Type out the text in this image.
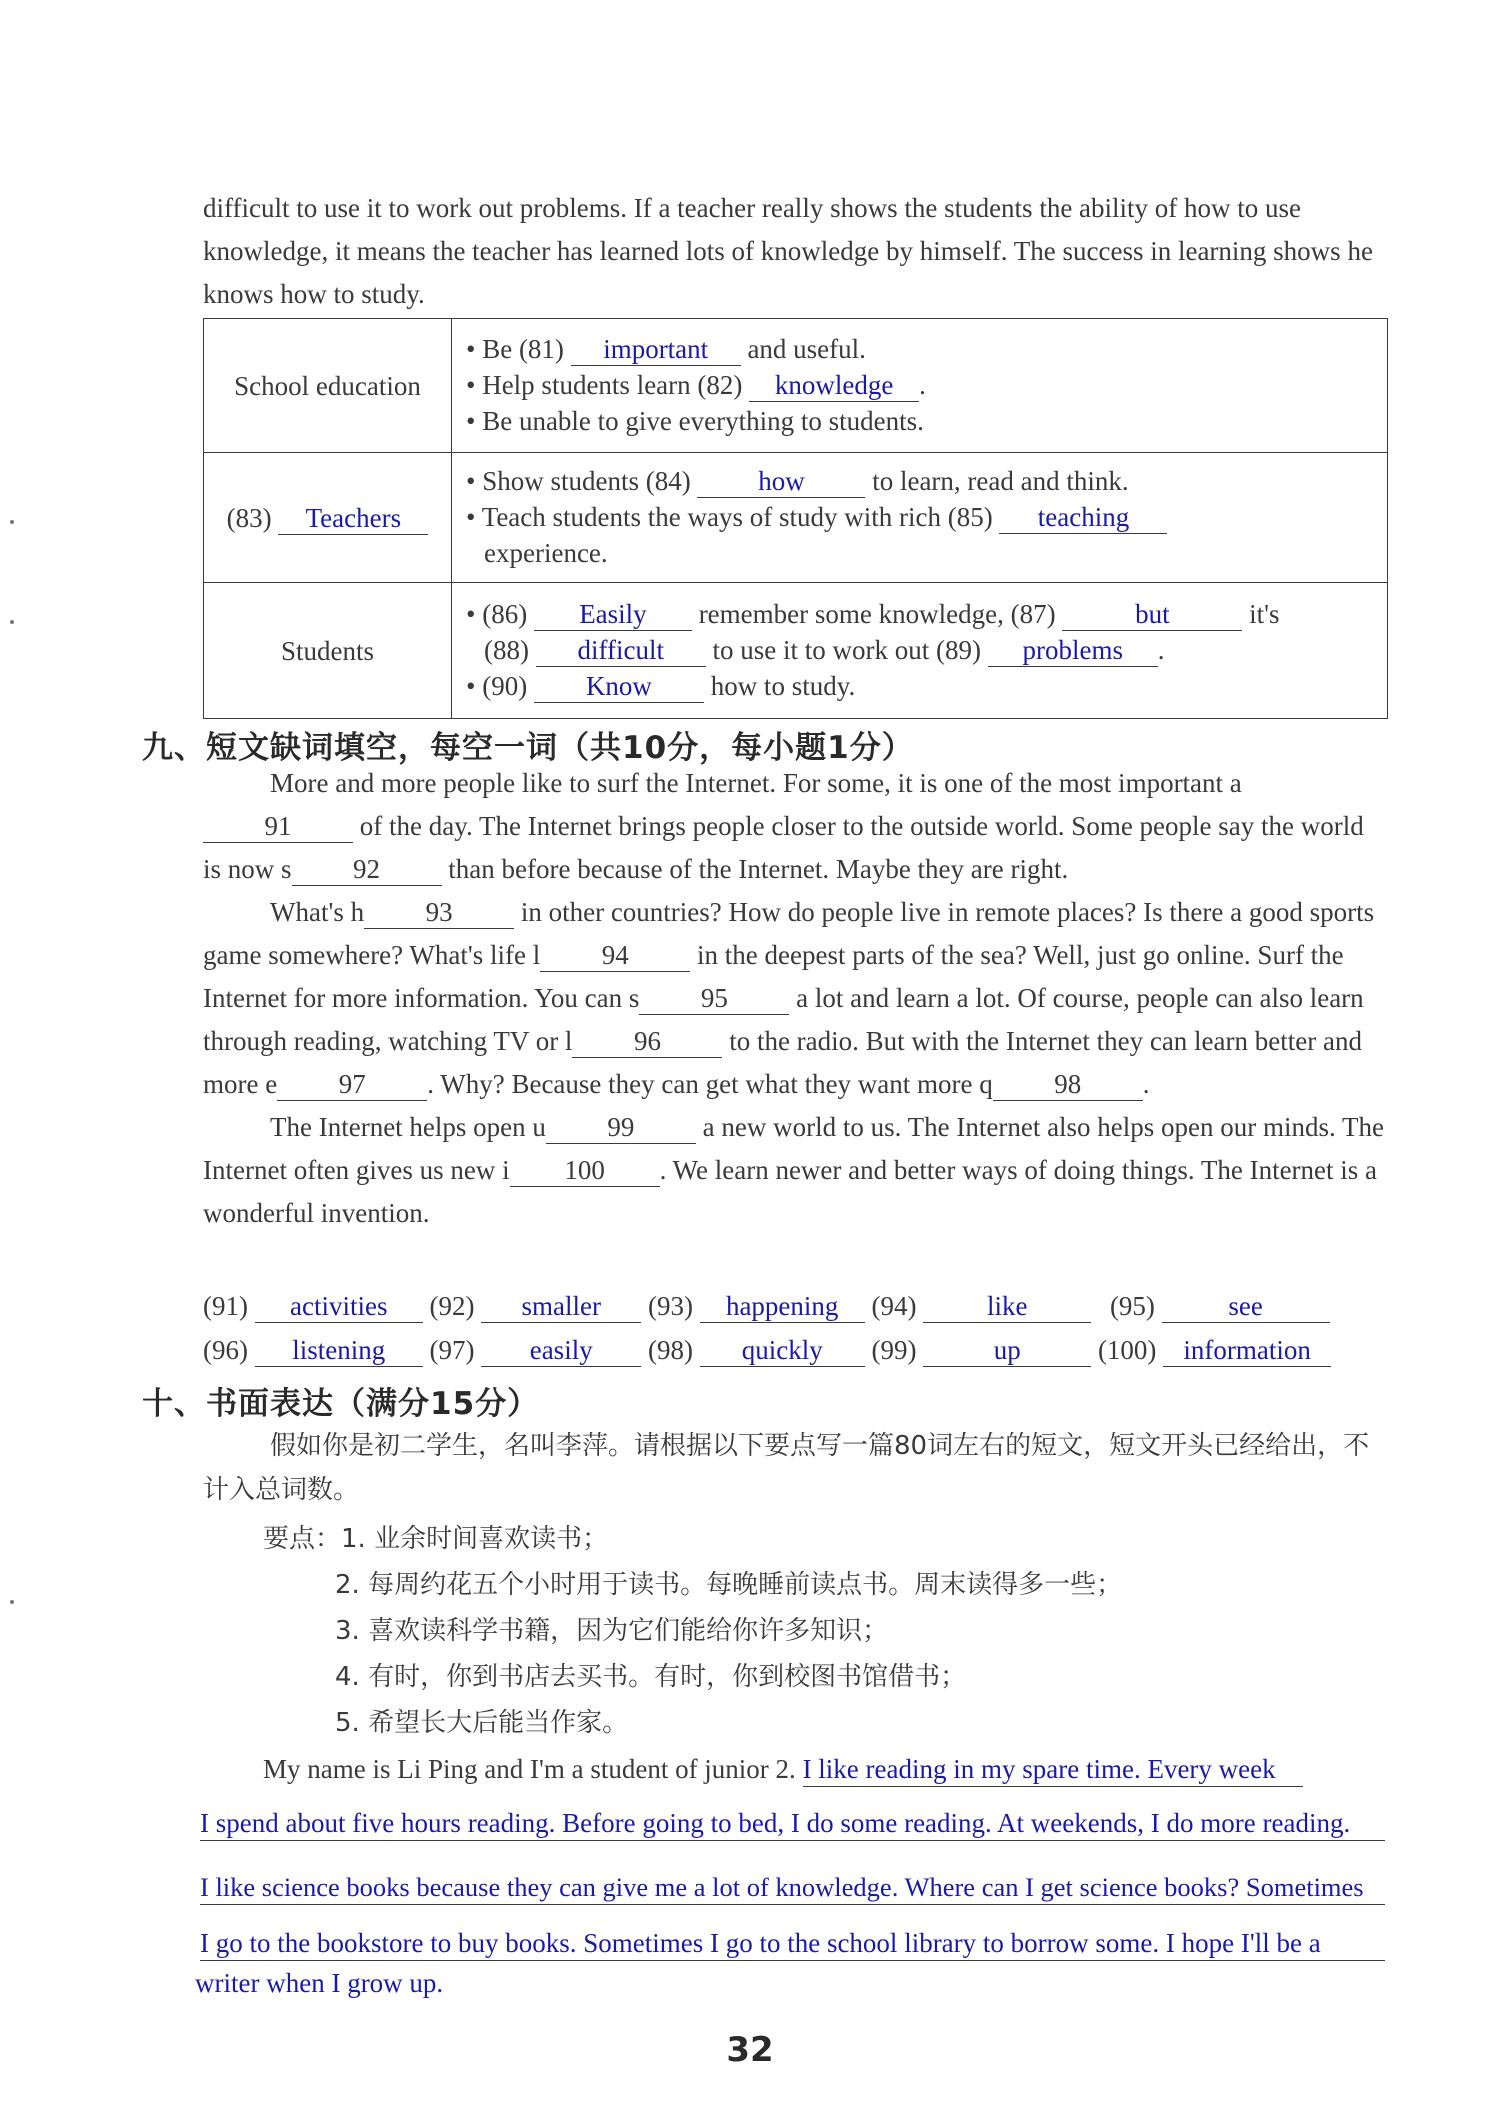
difficult to use it to work out problems. If a teacher really shows the students the ability of how to use knowledge, it means the teacher has learned lots of knowledge by himself. The success in learning shows he knows how to study.

School education	• Be (81) important and useful.
• Help students learn (82) knowledge .
• Be unable to give everything to students.

(83) Teachers	• Show students (84) how to learn, read and think.
• Teach students the ways of study with rich (85) teaching
experience.

Students	• (86) Easily remember some knowledge, (87) but it's
(88) difficult to use it to work out (89) problems .
• (90) Know how to study.
九、短文缺词填空，每空一词（共10分，每小题1分）

More and more people like to surf the Internet. For some, it is one of the most important a91 of the day. The Internet brings people closer to the outside world. Some people say the world is now s 92 than before because of the Internet. Maybe they are right.

What's h 93 in other countries? How do people live in remote places? Is there a good sports game somewhere? What's life l 94 in the deepest parts of the sea? Well, just go online. Surf the Internet for more information. You can s 95 a lot and learn a lot. Of course, people can also learn through reading, watching TV or l 96 to the radio. But with the Internet they can learn better and more e 97 . Why? Because they can get what they want more q 98 .

The Internet helps open u 99 a new world to us. The Internet also helps open our minds. The Internet often gives us new i 100 . We learn newer and better ways of doing things. The Internet is a wonderful invention.

(91) activities (92) smaller (93) happening (94)	like	(95)	see
(96) listening (97) easily (98) quickly (99)	up	(100) information
十、书面表达（满分15分）

假如你是初二学生，名叫李萍。请根据以下要点写一篇80词左右的短文，短文开头已经给出，不计入总词数。

要点：1. 业余时间喜欢读书；
2. 每周约花五个小时用于读书。每晚睡前读点书。周末读得多一些；
3. 喜欢读科学书籍，因为它们能给你许多知识；
4. 有时，你到书店去买书。有时，你到校图书馆借书；
5. 希望长大后能当作家。
My name is Li Ping and I'm a student of junior 2. I like reading in my spare time. Every week
I spend about five hours reading. Before going to bed, I do some reading. At weekends, I do more reading.
I like science books because they can give me a lot of knowledge. Where can I get science books? Sometimes
I go to the bookstore to buy books. Sometimes I go to the school library to borrow some. I hope I'll be a
writer when I grow up.
32
